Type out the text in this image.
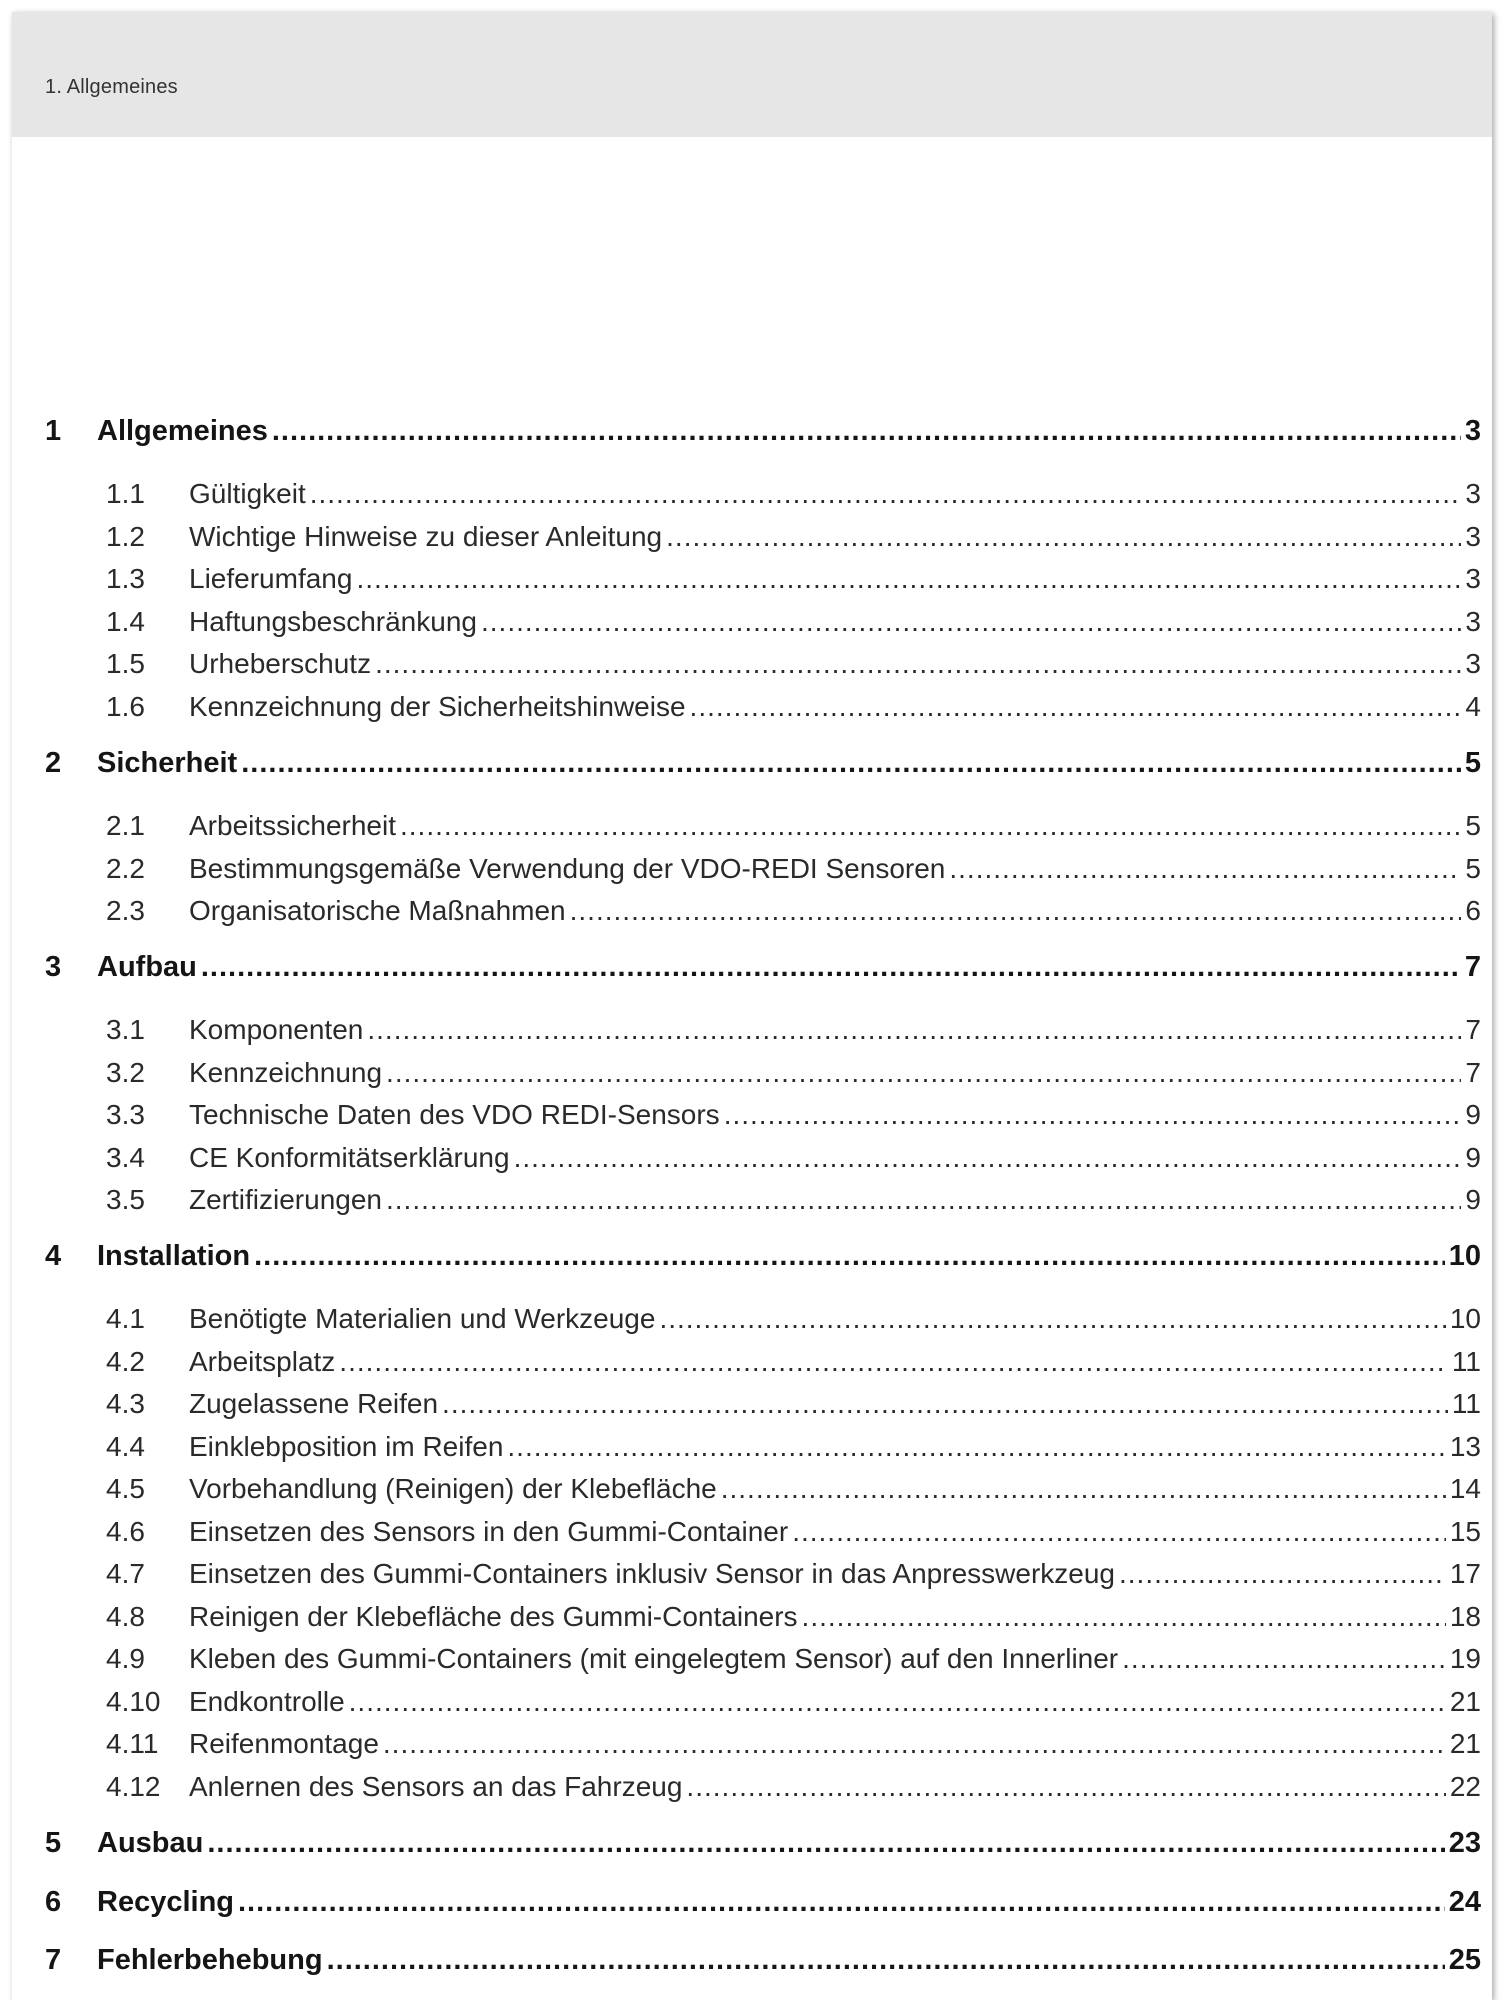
1. Allgemeines
1	Allgemeines .....	3
1.1	Gültigkeit .....	3
1.2	Wichtige Hinweise zu dieser Anleitung .....	3
1.3	Lieferumfang .....	3
1.4	Haftungsbeschränkung .....	3
1.5	Urheberschutz .....	3
1.6	Kennzeichnung der Sicherheitshinweise .....	4
2	Sicherheit .....	5
2.1	Arbeitssicherheit .....	5
2.2	Bestimmungsgemäße Verwendung der VDO-REDI Sensoren .....	5
2.3	Organisatorische Maßnahmen .....	6
3	Aufbau .....	7
3.1	Komponenten .....	7
3.2	Kennzeichnung .....	7
3.3	Technische Daten des VDO REDI-Sensors .....	9
3.4	CE Konformitätserklärung .....	9
3.5	Zertifizierungen .....	9
4	Installation .....	10
4.1	Benötigte Materialien und Werkzeuge .....	10
4.2	Arbeitsplatz .....	11
4.3	Zugelassene Reifen .....	11
4.4	Einklebposition im Reifen .....	13
4.5	Vorbehandlung (Reinigen) der Klebefläche .....	14
4.6	Einsetzen des Sensors in den Gummi-Container .....	15
4.7	Einsetzen des Gummi-Containers inklusiv Sensor in das Anpresswerkzeug .....	17
4.8	Reinigen der Klebefläche des Gummi-Containers .....	18
4.9	Kleben des Gummi-Containers (mit eingelegtem Sensor) auf den Innerliner .....	19
4.10	Endkontrolle .....	21
4.11	Reifenmontage .....	21
4.12	Anlernen des Sensors an das Fahrzeug .....	22
5	Ausbau .....	23
6	Recycling .....	24
7	Fehlerbehebung .....	25
